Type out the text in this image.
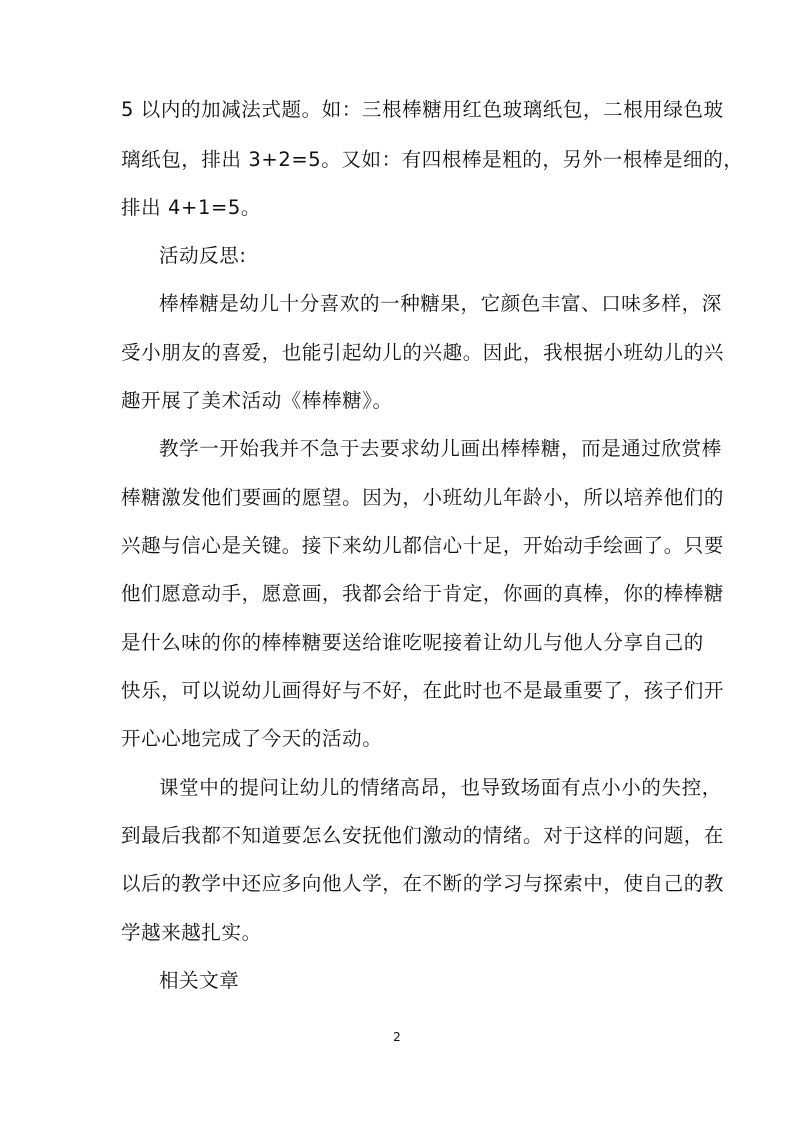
5 以内的加减法式题。如：三根棒糖用红色玻璃纸包，二根用绿色玻
璃纸包，排出 3+2=5。又如：有四根棒是粗的，另外一根棒是细的，
排出 4+1=5。
活动反思:
棒棒糖是幼儿十分喜欢的一种糖果，它颜色丰富、口味多样，深
受小朋友的喜爱，也能引起幼儿的兴趣。因此，我根据小班幼儿的兴
趣开展了美术活动《棒棒糖》。
教学一开始我并不急于去要求幼儿画出棒棒糖，而是通过欣赏棒
棒糖激发他们要画的愿望。因为，小班幼儿年龄小，所以培养他们的
兴趣与信心是关键。接下来幼儿都信心十足，开始动手绘画了。只要
他们愿意动手，愿意画，我都会给于肯定，你画的真棒，你的棒棒糖
是什么味的你的棒棒糖要送给谁吃呢接着让幼儿与他人分享自己的
快乐，可以说幼儿画得好与不好，在此时也不是最重要了，孩子们开
开心心地完成了今天的活动。
课堂中的提问让幼儿的情绪高昂，也导致场面有点小小的失控，
到最后我都不知道要怎么安抚他们激动的情绪。对于这样的问题，在
以后的教学中还应多向他人学，在不断的学习与探索中，使自己的教
学越来越扎实。
相关文章
2
